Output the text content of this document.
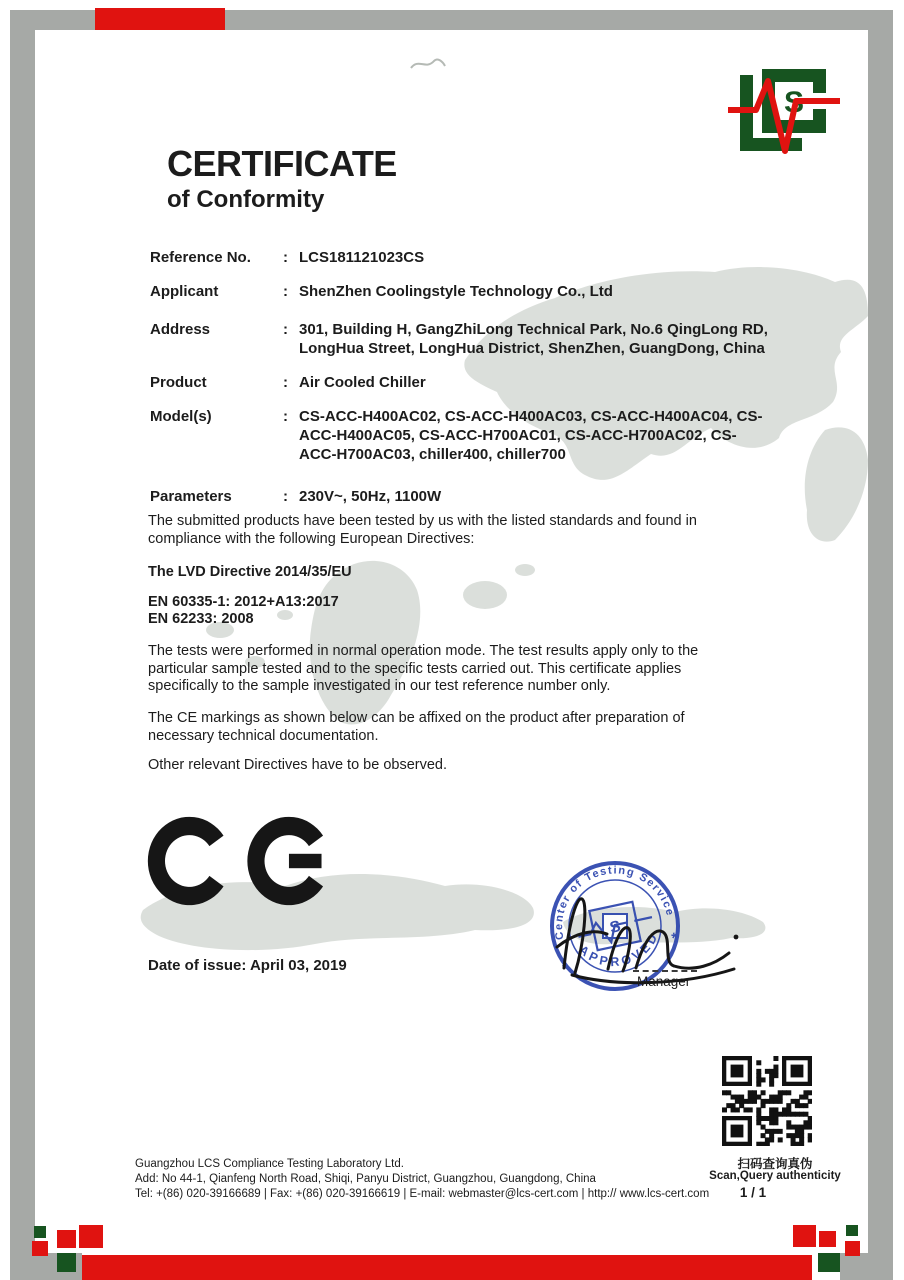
S
CERTIFICATE
of Conformity
Reference No.	: LCS181121023CS
Applicant	: ShenZhen Coolingstyle Technology Co., Ltd
Address	: 301, Building H, GangZhiLong Technical Park, No.6 QingLong RD, LongHua Street, LongHua District, ShenZhen, GuangDong, China
Product	: Air Cooled Chiller
Model(s)	: CS-ACC-H400AC02, CS-ACC-H400AC03, CS-ACC-H400AC04, CS-ACC-H400AC05, CS-ACC-H700AC01, CS-ACC-H700AC02, CS-ACC-H700AC03, chiller400, chiller700
Parameters	: 230V~, 50Hz, 1100W
The submitted products have been tested by us with the listed standards and found in compliance with the following European Directives:
The LVD Directive 2014/35/EU
EN 60335-1: 2012+A13:2017
EN 62233: 2008
The tests were performed in normal operation mode. The test results apply only to the particular sample tested and to the specific tests carried out. This certificate applies specifically to the sample investigated in our test reference number only.
The CE markings as shown below can be affixed on the product after preparation of necessary technical documentation.
Other relevant Directives have to be observed.
Date of issue: April 03, 2019
Center of Testing Service
APPROVED
*
*
S
Manager
扫码查询真伪
Scan,Query authenticity
1 / 1
Guangzhou LCS Compliance Testing Laboratory Ltd.
Add: No 44-1, Qianfeng North Road, Shiqi, Panyu District, Guangzhou, Guangdong, China
Tel: +(86) 020-39166689 | Fax: +(86) 020-39166619 | E-mail: webmaster@lcs-cert.com | http:// www.lcs-cert.com
